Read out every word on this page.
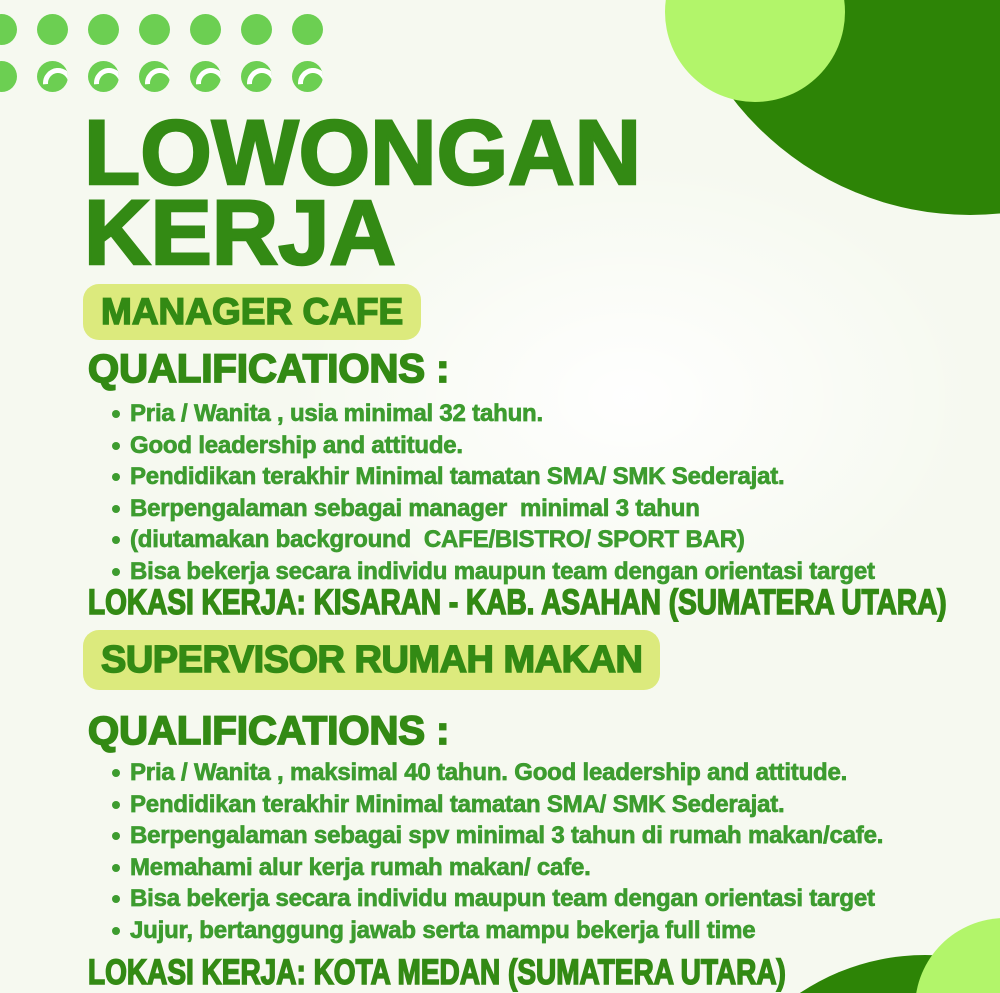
LOWONGAN
KERJA
MANAGER CAFE
QUALIFICATIONS :
Pria / Wanita , usia minimal 32 tahun.
Good leadership and attitude.
Pendidikan terakhir Minimal tamatan SMA/ SMK Sederajat.
Berpengalaman sebagai manager  minimal 3 tahun
(diutamakan background  CAFE/BISTRO/ SPORT BAR)
Bisa bekerja secara individu maupun team dengan orientasi target

LOKASI KERJA: KISARAN - KAB. ASAHAN (SUMATERA UTARA)

SUPERVISOR RUMAH MAKAN
QUALIFICATIONS :
Pria / Wanita , maksimal 40 tahun. Good leadership and attitude.
Pendidikan terakhir Minimal tamatan SMA/ SMK Sederajat.
Berpengalaman sebagai spv minimal 3 tahun di rumah makan/cafe.
Memahami alur kerja rumah makan/ cafe.
Bisa bekerja secara individu maupun team dengan orientasi target
Jujur, bertanggung jawab serta mampu bekerja full time

LOKASI KERJA: KOTA MEDAN (SUMATERA UTARA)
